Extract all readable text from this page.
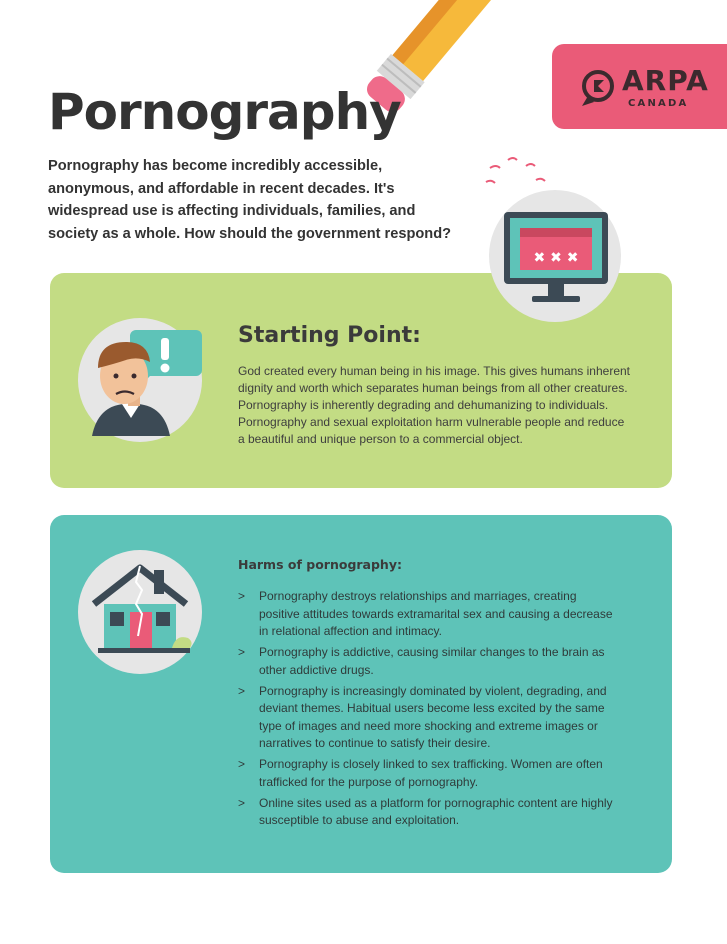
ARPA
CANADA
Pornography

Pornography has become incredibly accessible, anonymous, and affordable in recent decades. It's widespread use is affecting individuals, families, and society as a whole. How should the government respond?

✖ ✖ ✖
Starting Point:

God created every human being in his image. This gives humans inherent dignity and worth which separates human beings from all other creatures. Pornography is inherently degrading and dehumanizing to individuals. Pornography and sexual exploitation harm vulnerable people and reduce a beautiful and unique person to a commercial object.

Harms of pornography:
> Pornography destroys relationships and marriages, creating positive attitudes towards extramarital sex and causing a decrease in relational affection and intimacy.
> Pornography is addictive, causing similar changes to the brain as other addictive drugs.
> Pornography is increasingly dominated by violent, degrading, and deviant themes. Habitual users become less excited by the same type of images and need more shocking and extreme images or narratives to continue to satisfy their desire.
> Pornography is closely linked to sex trafficking. Women are often trafficked for the purpose of pornography.
> Online sites used as a platform for pornographic content are highly susceptible to abuse and exploitation.
